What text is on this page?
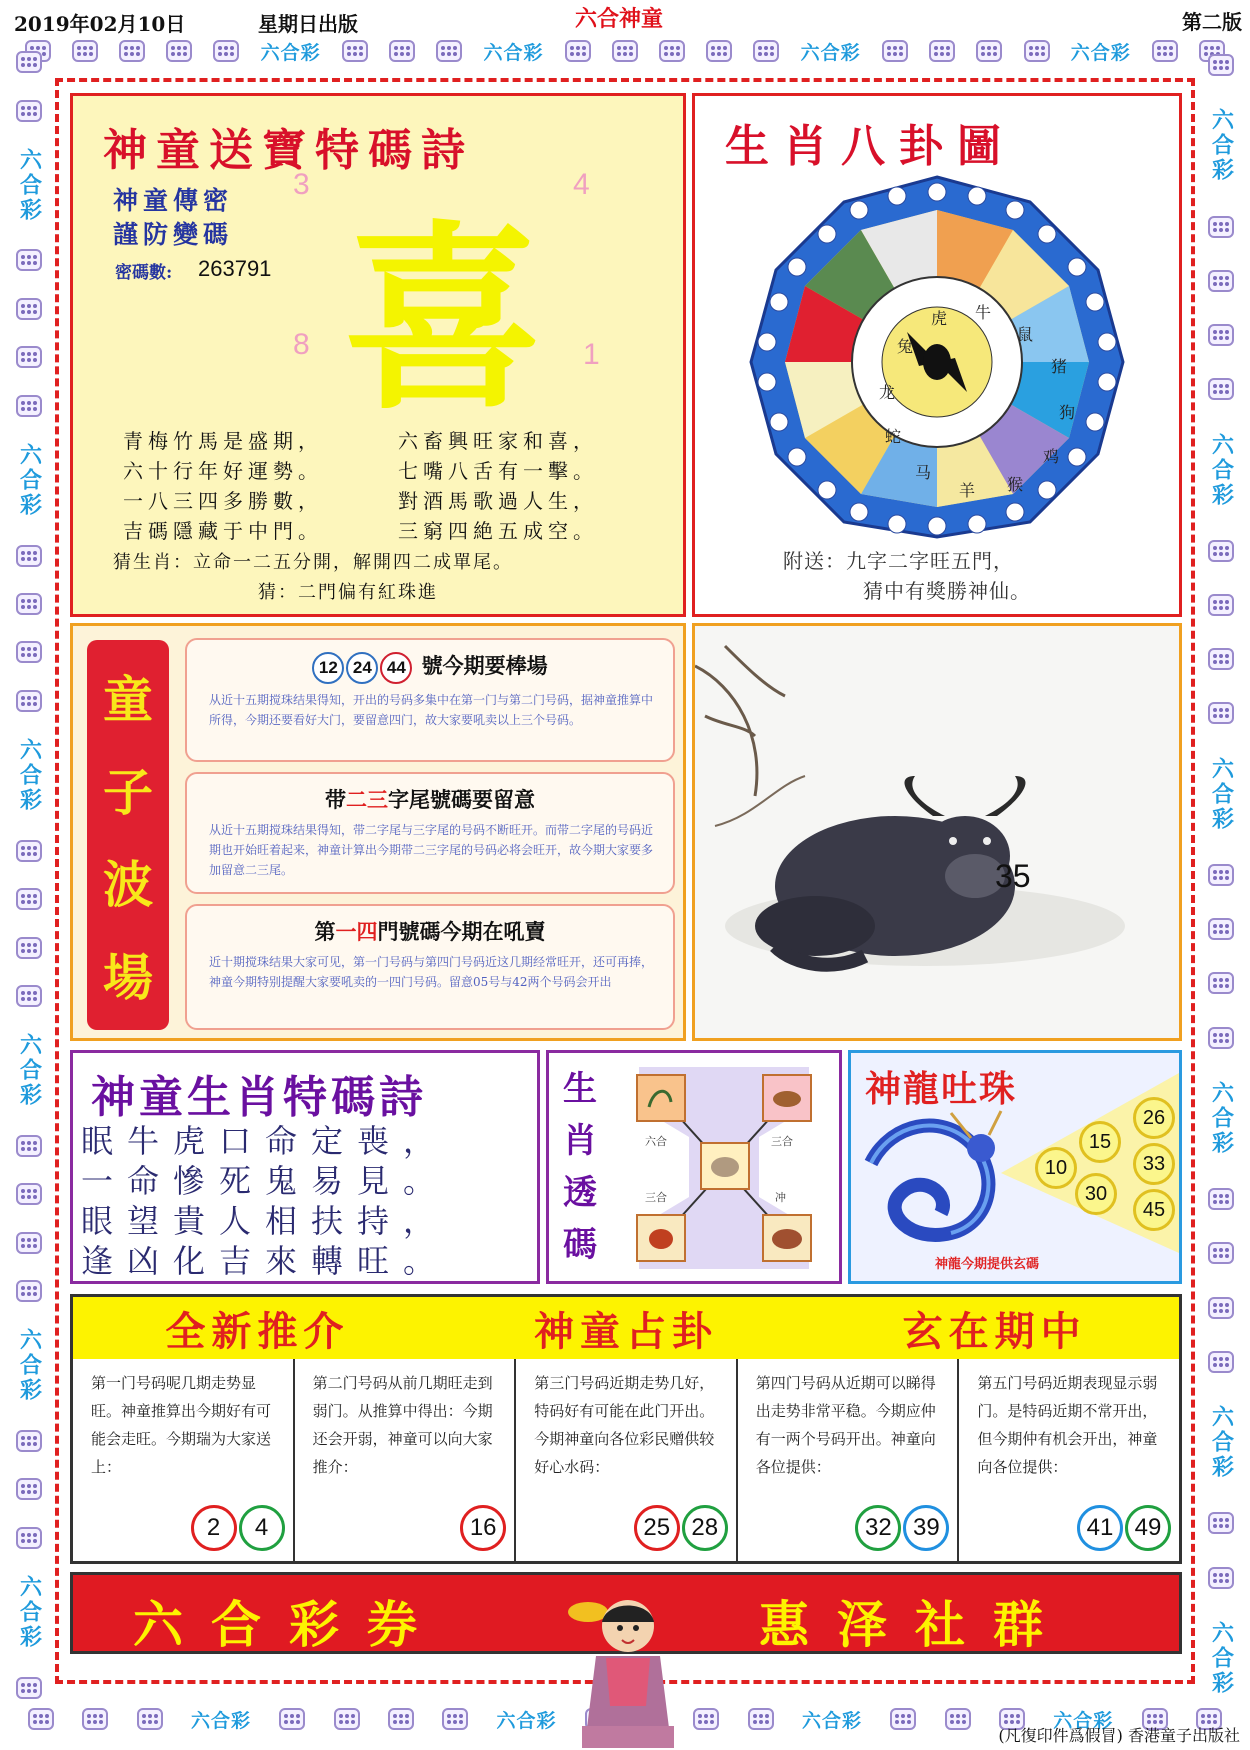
2019年02月10日	星期日出版	六合神童	第二版
六合彩	六合彩	六合彩	六合彩
六合彩	六合彩	六合彩	六合彩
六合彩
六合彩
六合彩
六合彩
六合彩
六合彩
六合彩
六合彩
六合彩
六合彩
六合彩
六合彩
神童送寶特碼詩
神童傳密
謹防變碼
密碼數: 263791
3	4
8	1
喜
青梅竹馬是盛期，
六十行年好運勢。
一八三四多勝數，
吉碼隱藏于中門。
六畜興旺家和喜，
七嘴八舌有一擊。
對酒馬歌過人生，
三窮四絶五成空。
猜生肖：立命一二五分開，解開四二成單尾。
猜：二門偏有紅珠進
生肖八卦圖
鼠
牛
虎
兔
龙
蛇
马
羊 猴
鸡
狗
猪
附送：九字二字旺五門，
猜中有獎勝神仙。
童
子
波
場
12 24 44 號今期要棒場
从近十五期搅珠结果得知，开出的号码多集中在第一门与第二门号码，据神童推算中所得，今期还要看好大门，要留意四门，故大家要吼卖以上三个号码。
带二三字尾號碼要留意
从近十五期搅珠结果得知，带二字尾与三字尾的号码不断旺开。而带二字尾的号码近期也开始旺着起来，神童计算出今期带二三字尾的号码必将会旺开，故今期大家要多加留意二三尾。
第一四門號碼今期在吼賣
近十期搅珠结果大家可见，第一门号码与第四门号码近这几期经常旺开，还可再捧，神童今期特别提醒大家要吼卖的一四门号码。留意05号与42两个号码会开出
35
神童生肖特碼詩
眠牛虎口命定喪，
一命慘死鬼易見。
眼望貴人相扶持，
逢凶化吉來轉旺。
生
肖
透
碼
六合	三合
三合	冲
神龍吐珠
26
15
10	33
30
45
神龍今期提供玄碼
全新推介	神童占卦	玄在期中
第一门号码呢几期走势显旺。神童推算出今期好有可能会走旺。今期瑞为大家送上：
2 4
第二门号码从前几期旺走到弱门。从推算中得出：今期还会开弱，神童可以向大家推介：
16
第三门号码近期走势几好，特码好有可能在此门开出。今期神童向各位彩民赠供较好心水码：
25 28
第四门号码从近期可以睇得出走势非常平稳。今期应仲有一两个号码开出。神童向各位提供：
32 39
第五门号码近期表现显示弱门。是特码近期不常开出，但今期仲有机会开出，神童向各位提供：
41 49
六合彩券	惠泽社群
(凡復印件爲假冒) 香港童子出版社
